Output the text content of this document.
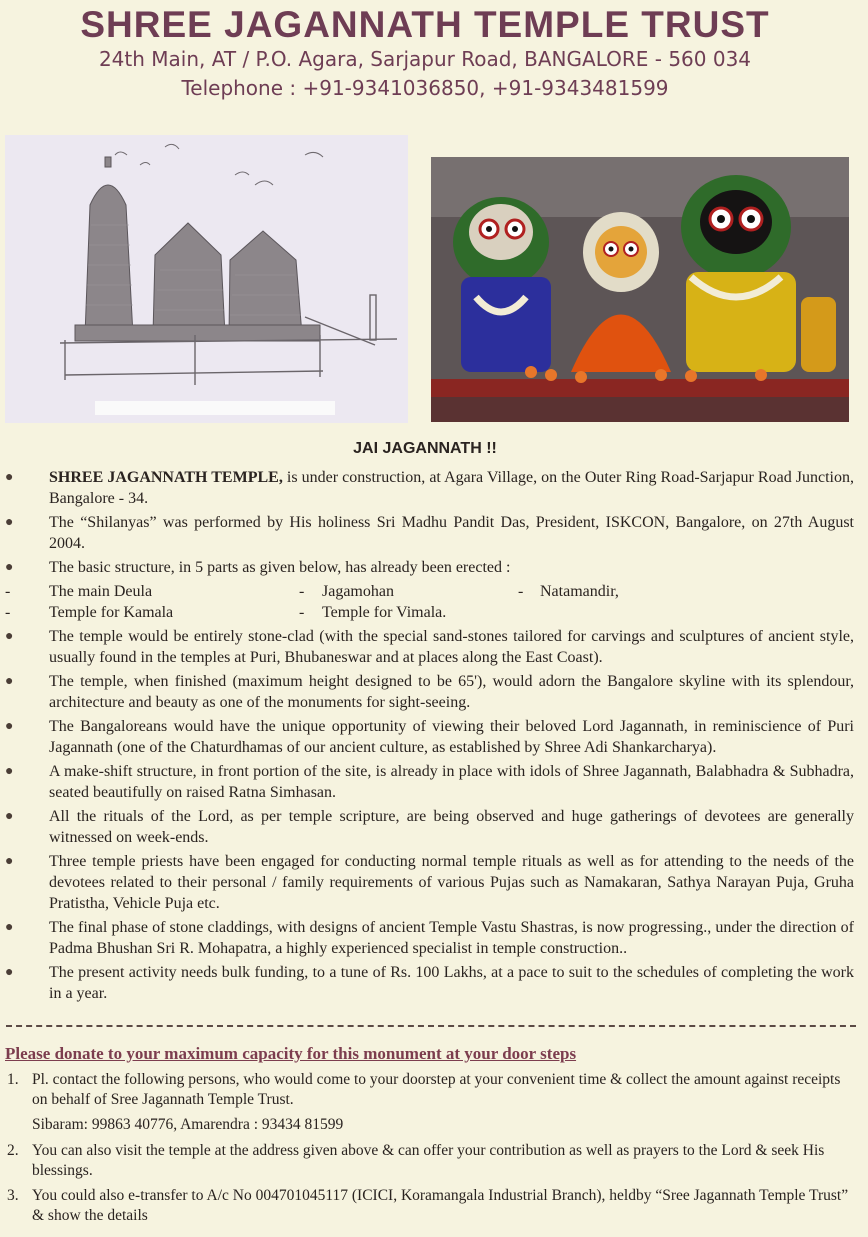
SHREE JAGANNATH TEMPLE TRUST
24th Main, AT / P.O. Agara, Sarjapur Road, BANGALORE - 560 034
Telephone : +91-9341036850, +91-9343481599
JAI JAGANNATH !!
● SHREE JAGANNATH TEMPLE, is under construction, at Agara Village, on the Outer Ring Road-Sarjapur Road Junction, Bangalore - 34.
● The “Shilanyas” was performed by His holiness Sri Madhu Pandit Das, President, ISKCON, Bangalore, on 27th August 2004.
● The basic structure, in 5 parts as given below, has already been erected :
- The main Deula	- Jagamohan	- Natamandir,
- Temple for Kamala	- Temple for Vimala.
● The temple would be entirely stone-clad (with the special sand-stones tailored for carvings and sculptures of ancient style, usually found in the temples at Puri, Bhubaneswar and at places along the East Coast).
● The temple, when finished (maximum height designed to be 65'), would adorn the Bangalore skyline with its splendour, architecture and beauty as one of the monuments for sight-seeing.
● The Bangaloreans would have the unique opportunity of viewing their beloved Lord Jagannath, in reminiscience of Puri Jagannath (one of the Chaturdhamas of our ancient culture, as established by Shree Adi Shankarcharya).
● A make-shift structure, in front portion of the site, is already in place with idols of Shree Jagannath, Balabhadra & Subhadra, seated beautifully on raised Ratna Simhasan.
● All the rituals of the Lord, as per temple scripture, are being observed and huge gatherings of devotees are generally witnessed on week-ends.
● Three temple priests have been engaged for conducting normal temple rituals as well as for attending to the needs of the devotees related to their personal / family requirements of various Pujas such as Namakaran, Sathya Narayan Puja, Gruha Pratistha, Vehicle Puja etc.
● The final phase of stone claddings, with designs of ancient Temple Vastu Shastras, is now progressing., under the direction of Padma Bhushan Sri R. Mohapatra, a highly experienced specialist in temple construction..
● The present activity needs bulk funding, to a tune of Rs. 100 Lakhs, at a pace to suit to the schedules of completing the work in a year.
Please donate to your maximum capacity for this monument at your door steps
1. Pl. contact the following persons, who would come to your doorstep at your convenient time & collect the amount against receipts on behalf of Sree Jagannath Temple Trust.
Sibaram: 99863 40776, Amarendra : 93434 81599
2. You can also visit the temple at the address given above & can offer your contribution as well as prayers to the Lord & seek His blessings.
3. You could also e-transfer to A/c No 004701045117 (ICICI, Koramangala Industrial Branch), heldby “Sree Jagannath Temple Trust” & show the details
